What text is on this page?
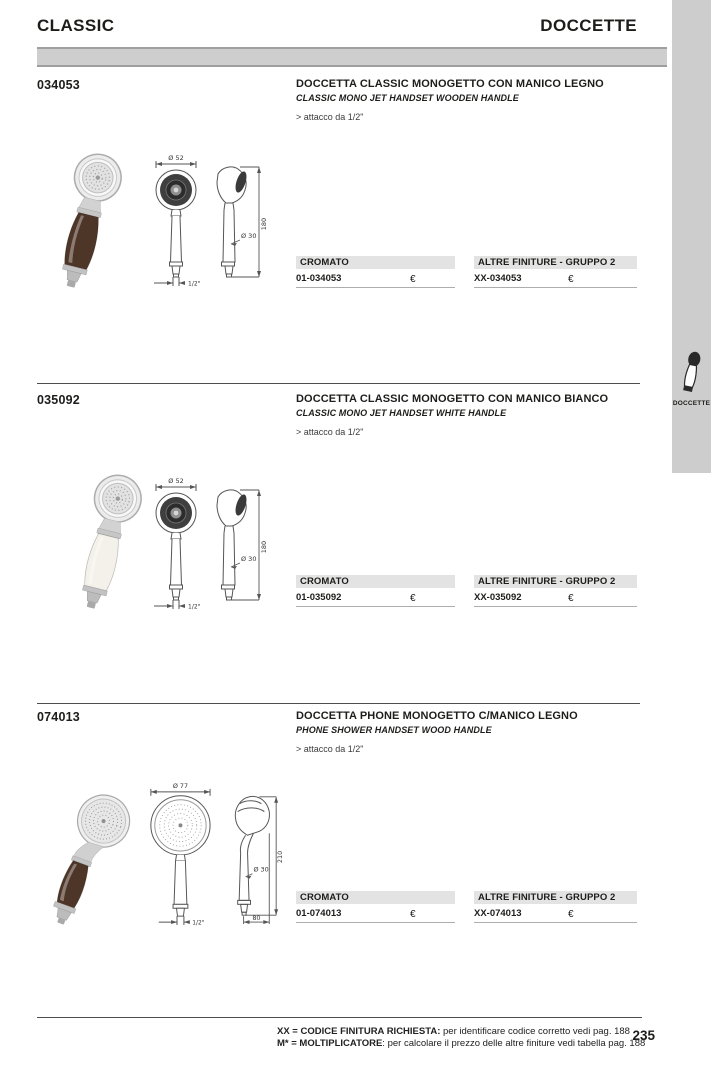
CLASSIC	DOCCETTE
DOCCETTE
034053	DOCCETTA CLASSIC MONOGETTO CON MANICO LEGNO
CLASSIC MONO JET HANDSET WOODEN HANDLE
> attacco da 1/2"
Ø 52
1/2"
Ø 30
180
CROMATO
01-034053	€
ALTRE FINITURE - GRUPPO 2
XX-034053	€
035092	DOCCETTA CLASSIC MONOGETTO CON MANICO BIANCO
CLASSIC MONO JET HANDSET WHITE HANDLE
> attacco da 1/2"
Ø 52
1/2"
Ø 30
180
CROMATO
01-035092	€
ALTRE FINITURE - GRUPPO 2
XX-035092	€
074013	DOCCETTA PHONE MONOGETTO C/MANICO LEGNO
PHONE SHOWER HANDSET WOOD HANDLE
> attacco da 1/2"
Ø 77
1/2"
Ø 30
210
80
CROMATO
01-074013	€
ALTRE FINITURE - GRUPPO 2
XX-074013	€
XX = CODICE FINITURA RICHIESTA: per identificare codice corretto vedi pag. 188
M* = MOLTIPLICATORE: per calcolare il prezzo delle altre finiture vedi tabella pag. 188
235
